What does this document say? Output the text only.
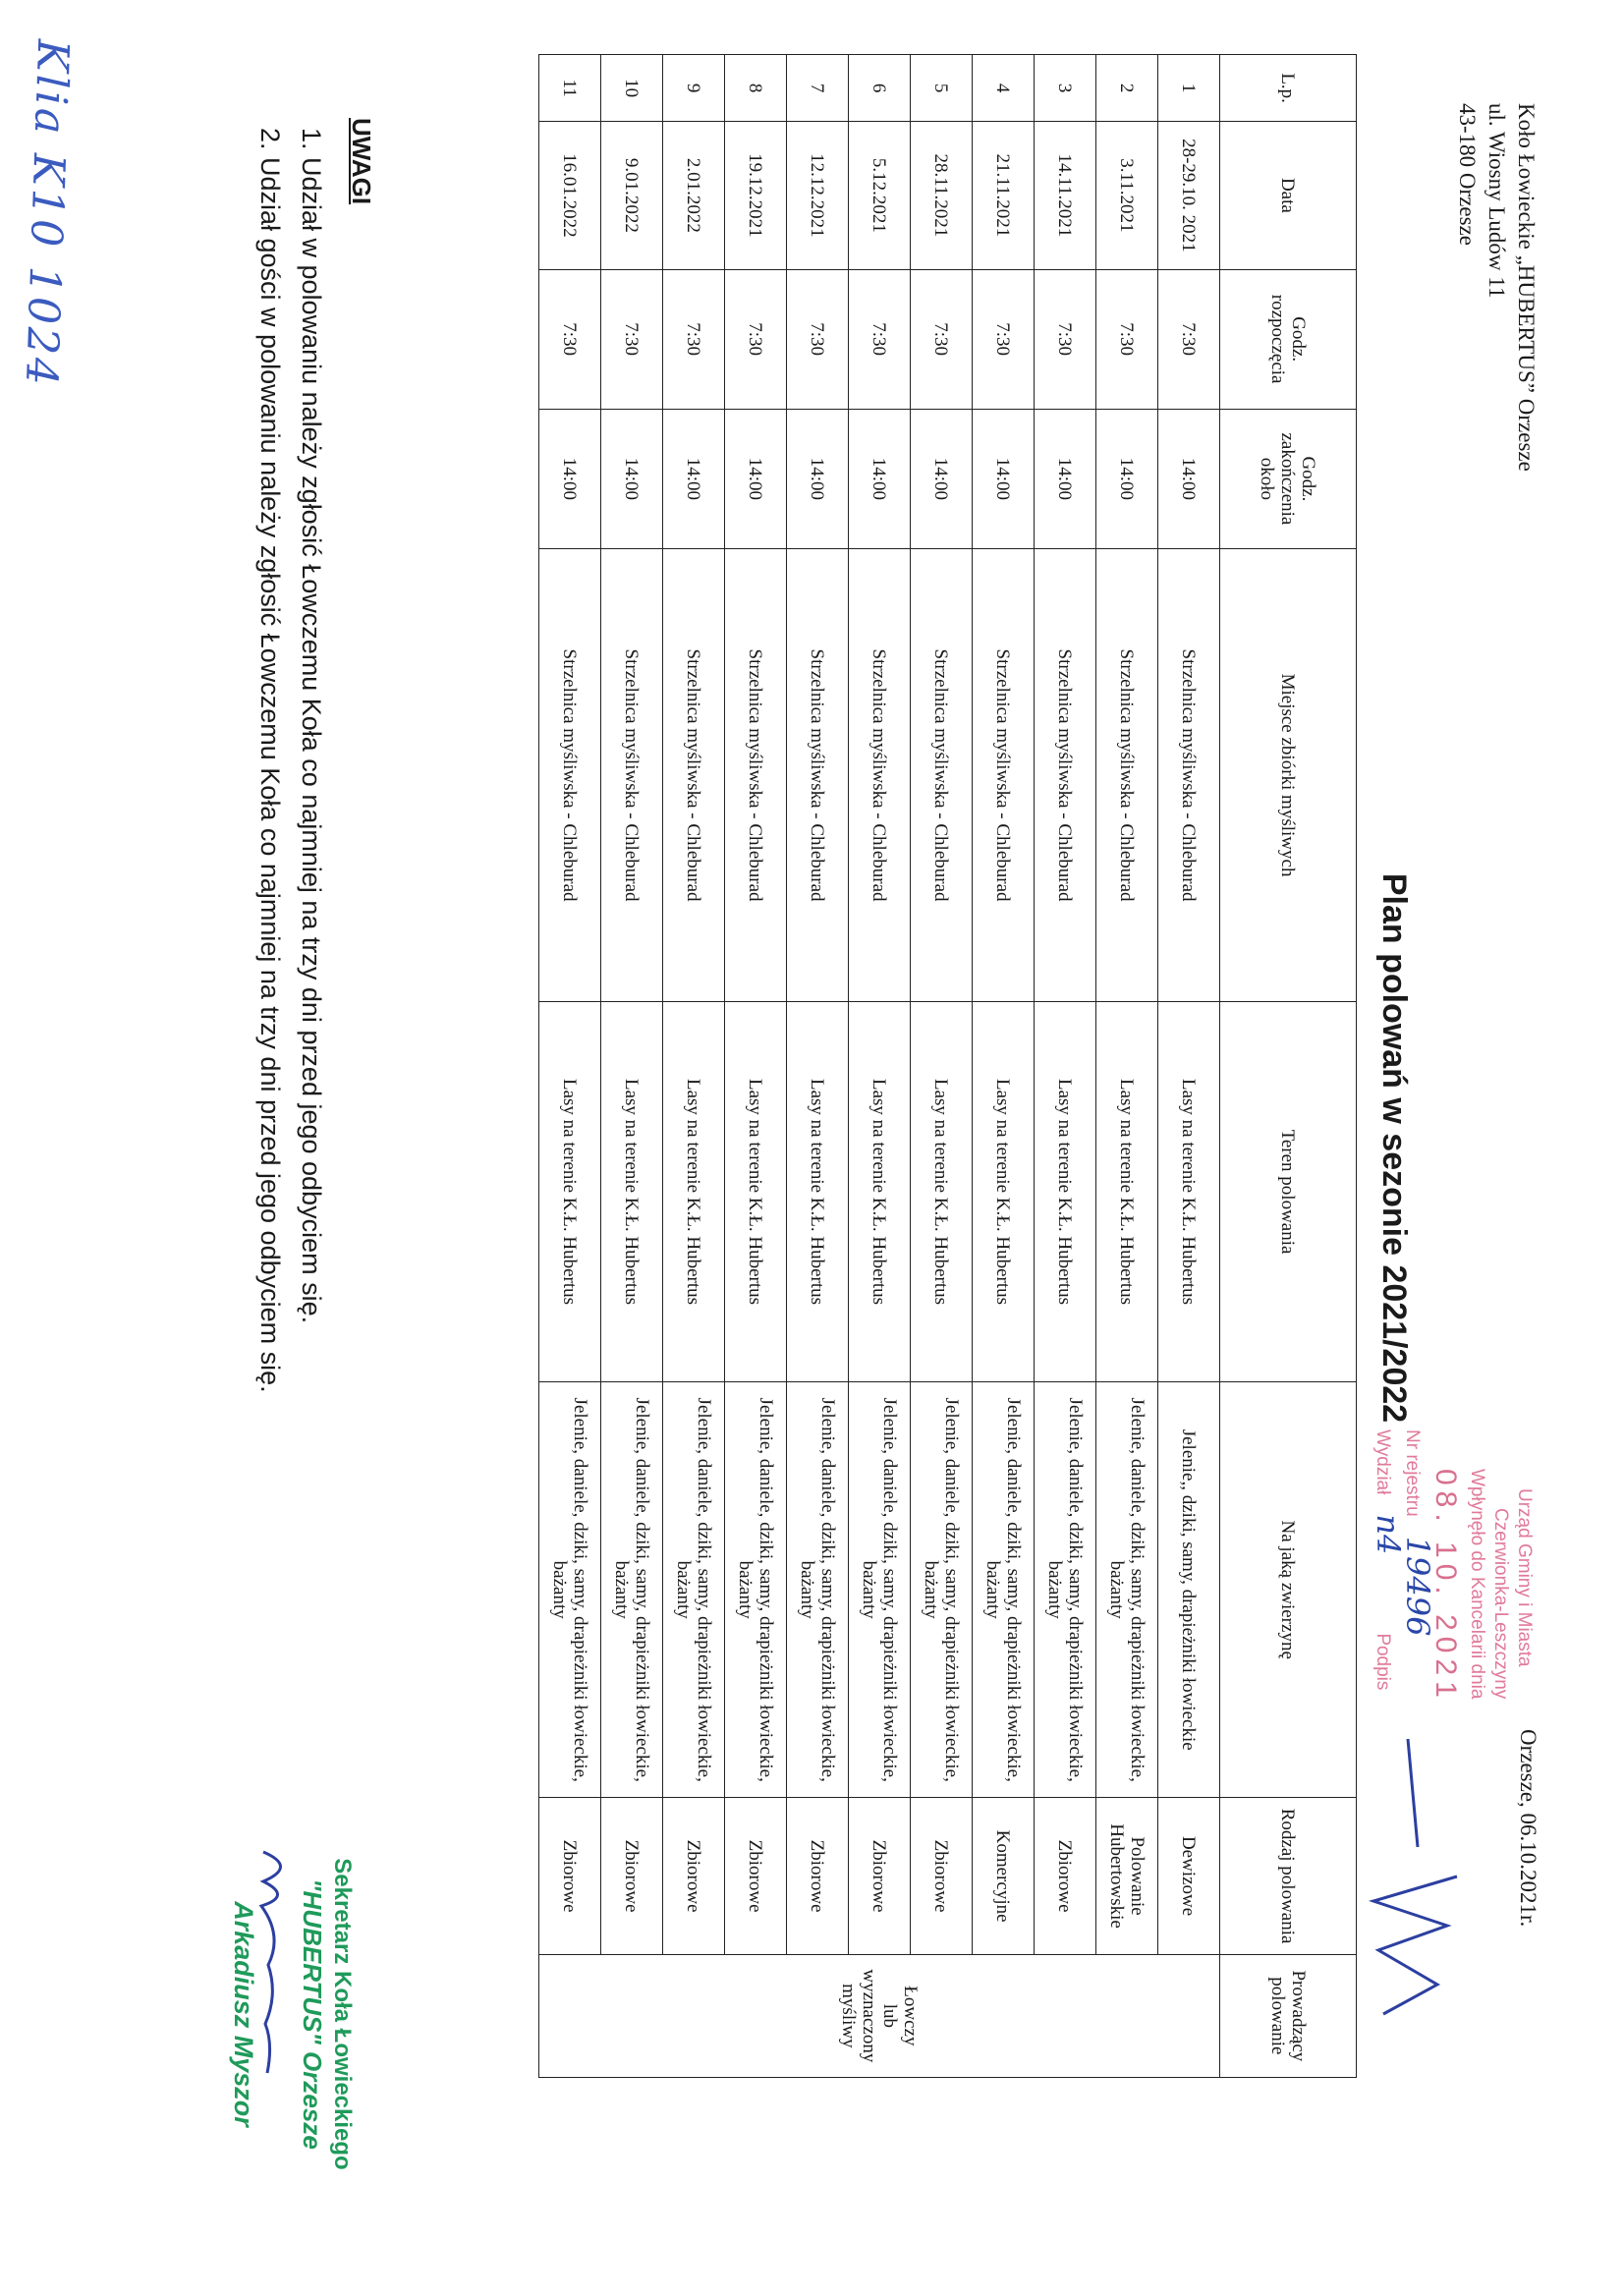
Koło Łowieckie „HUBERTUS” Orzesze
ul. Wiosny Ludów 11
43-180 Orzesze
Orzesze, 06.10.2021r.
Urząd Gminy i Miasta
Czerwionka-Leszczyny
Wpłynęło do Kancelarii dnia
08. 10. 2021
Nr rejestru
19496
Wydział
n4
Podpis
Plan polowań w sezonie 2021/2022
L.p.	Data	Godz. rozpoczęcia	Godz. zakończenia około	Miejsce zbiórki myśliwych	Teren polowania	Na jaką zwierzynę	Rodzaj polowania	Prowadzący polowanie
1	28-29.10. 2021	7:30	14:00	Strzelnica myśliwska - Chleburad	Lasy na terenie K.Ł. Hubertus	Jelenie,, dziki, samy, drapieżniki łowieckie	Dewizowe	Łowczy
lub
wyznaczony
myśliwy
2	3.11.2021	7:30	14:00	Strzelnica myśliwska - Chleburad	Lasy na terenie K.Ł. Hubertus	Jelenie, daniele, dziki, samy, drapieżniki łowieckie, bażanty	Polowanie Hubertowskie	
3	14.11.2021	7:30	14:00	Strzelnica myśliwska - Chleburad	Lasy na terenie K.Ł. Hubertus	Jelenie, daniele, dziki, samy, drapieżniki łowieckie, bażanty	Zbiorowe	
4	21.11.2021	7:30	14:00	Strzelnica myśliwska - Chleburad	Lasy na terenie K.Ł. Hubertus	Jelenie, daniele, dziki, samy, drapieżniki łowieckie, bażanty	Komercyjne	
5	28.11.2021	7:30	14:00	Strzelnica myśliwska - Chleburad	Lasy na terenie K.Ł. Hubertus	Jelenie, daniele, dziki, samy, drapieżniki łowieckie, bażanty	Zbiorowe	
6	5.12.2021	7:30	14:00	Strzelnica myśliwska - Chleburad	Lasy na terenie K.Ł. Hubertus	Jelenie, daniele, dziki, samy, drapieżniki łowieckie, bażanty	Zbiorowe	
7	12.12.2021	7:30	14:00	Strzelnica myśliwska - Chleburad	Lasy na terenie K.Ł. Hubertus	Jelenie, daniele, dziki, samy, drapieżniki łowieckie, bażanty	Zbiorowe	
8	19.12.2021	7:30	14:00	Strzelnica myśliwska - Chleburad	Lasy na terenie K.Ł. Hubertus	Jelenie, daniele, dziki, samy, drapieżniki łowieckie, bażanty	Zbiorowe	
9	2.01.2022	7:30	14:00	Strzelnica myśliwska - Chleburad	Lasy na terenie K.Ł. Hubertus	Jelenie, daniele, dziki, samy, drapieżniki łowieckie, bażanty	Zbiorowe	
10	9.01.2022	7:30	14:00	Strzelnica myśliwska - Chleburad	Lasy na terenie K.Ł. Hubertus	Jelenie, daniele, dziki, samy, drapieżniki łowieckie, bażanty	Zbiorowe	
11	16.01.2022	7:30	14:00	Strzelnica myśliwska - Chleburad	Lasy na terenie K.Ł. Hubertus	Jelenie, daniele, dziki, samy, drapieżniki łowieckie, bażanty	Zbiorowe	
UWAGI
1. Udział w polowaniu należy zgłosić Łowczemu Koła co najmniej na trzy dni przed jego odbyciem się.
2. Udział gości w polowaniu należy zgłosić Łowczemu Koła co najmniej na trzy dni przed jego odbyciem się.
Klia K10 1024
Sekretarz Koła Łowieckiego
"HUBERTUS" Orzesze
Arkadiusz Myszor
